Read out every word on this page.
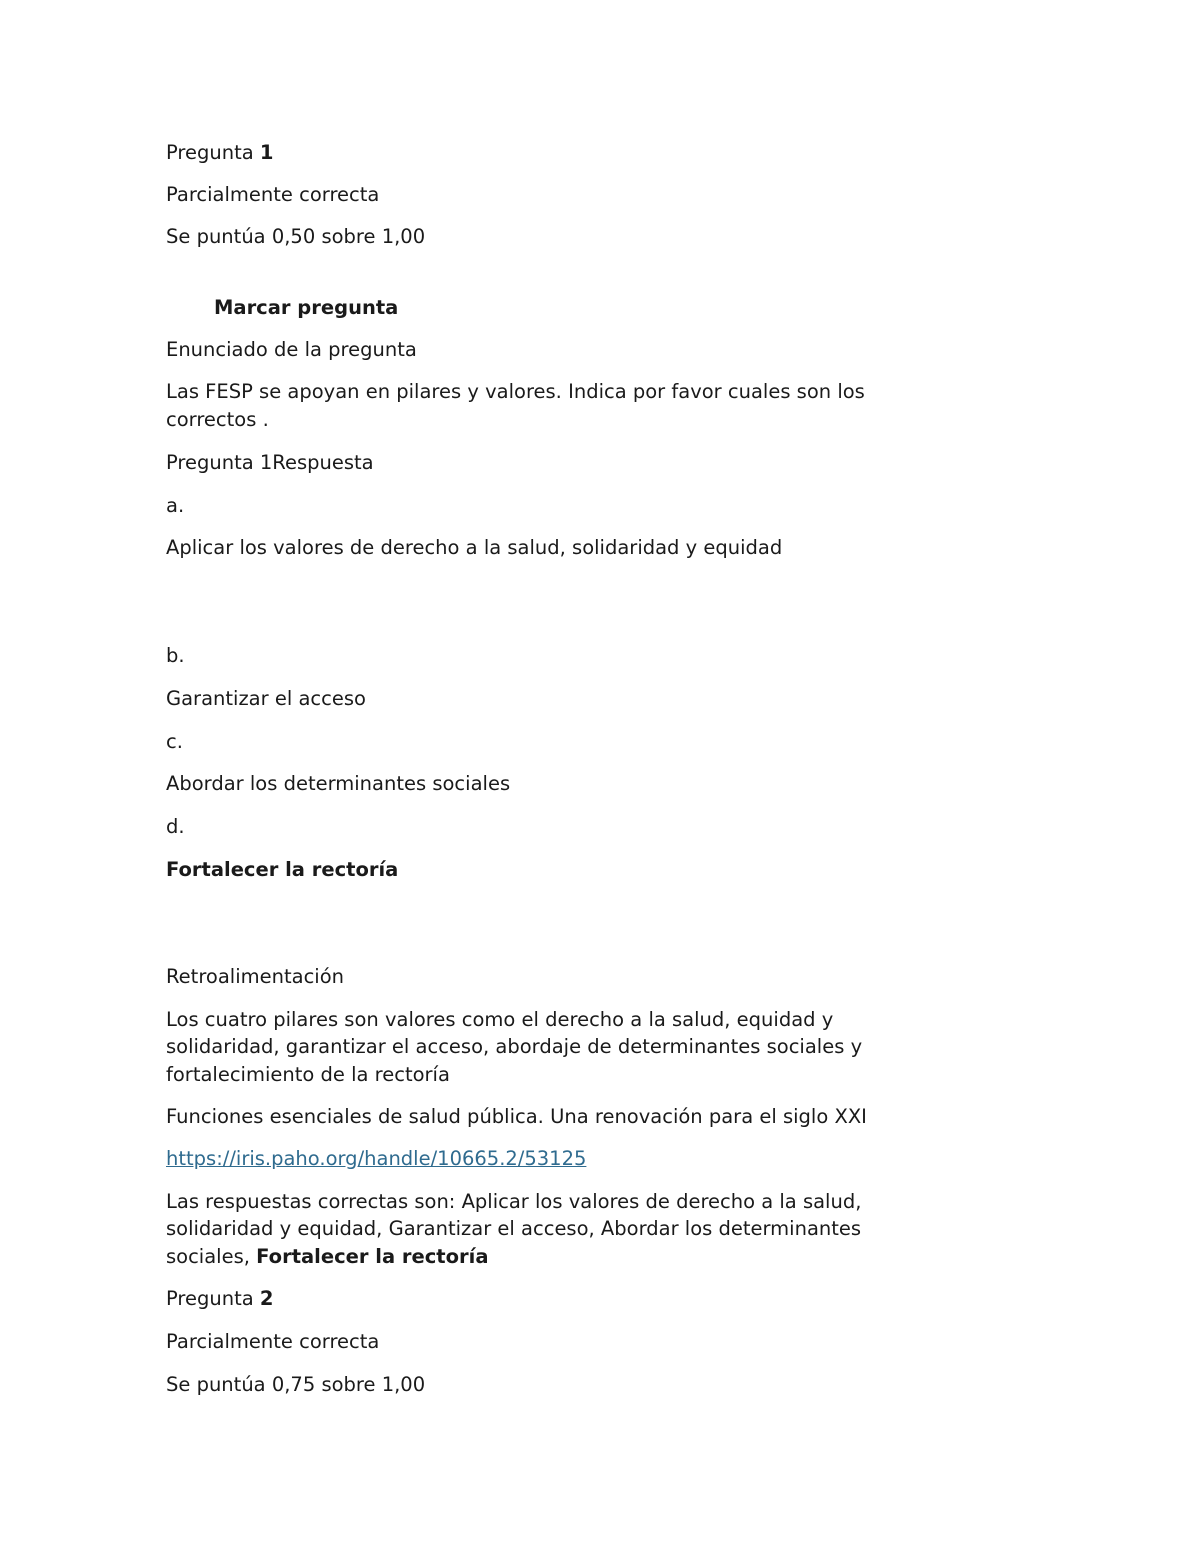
Pregunta 1

Parcialmente correcta

Se puntúa 0,50 sobre 1,00

Marcar pregunta

Enunciado de la pregunta

Las FESP se apoyan en pilares y valores. Indica por favor cuales son los

correctos .

Pregunta 1Respuesta

a.

Aplicar los valores de derecho a la salud, solidaridad y equidad

b.

Garantizar el acceso

c.

Abordar los determinantes sociales

d.

Fortalecer la rectoría

Retroalimentación

Los cuatro pilares son valores como el derecho a la salud, equidad y

solidaridad, garantizar el acceso, abordaje de determinantes sociales y

fortalecimiento de la rectoría

Funciones esenciales de salud pública. Una renovación para el siglo XXI

https://iris.paho.org/handle/10665.2/53125

Las respuestas correctas son: Aplicar los valores de derecho a la salud,

solidaridad y equidad, Garantizar el acceso, Abordar los determinantes

sociales, Fortalecer la rectoría

Pregunta 2

Parcialmente correcta

Se puntúa 0,75 sobre 1,00
